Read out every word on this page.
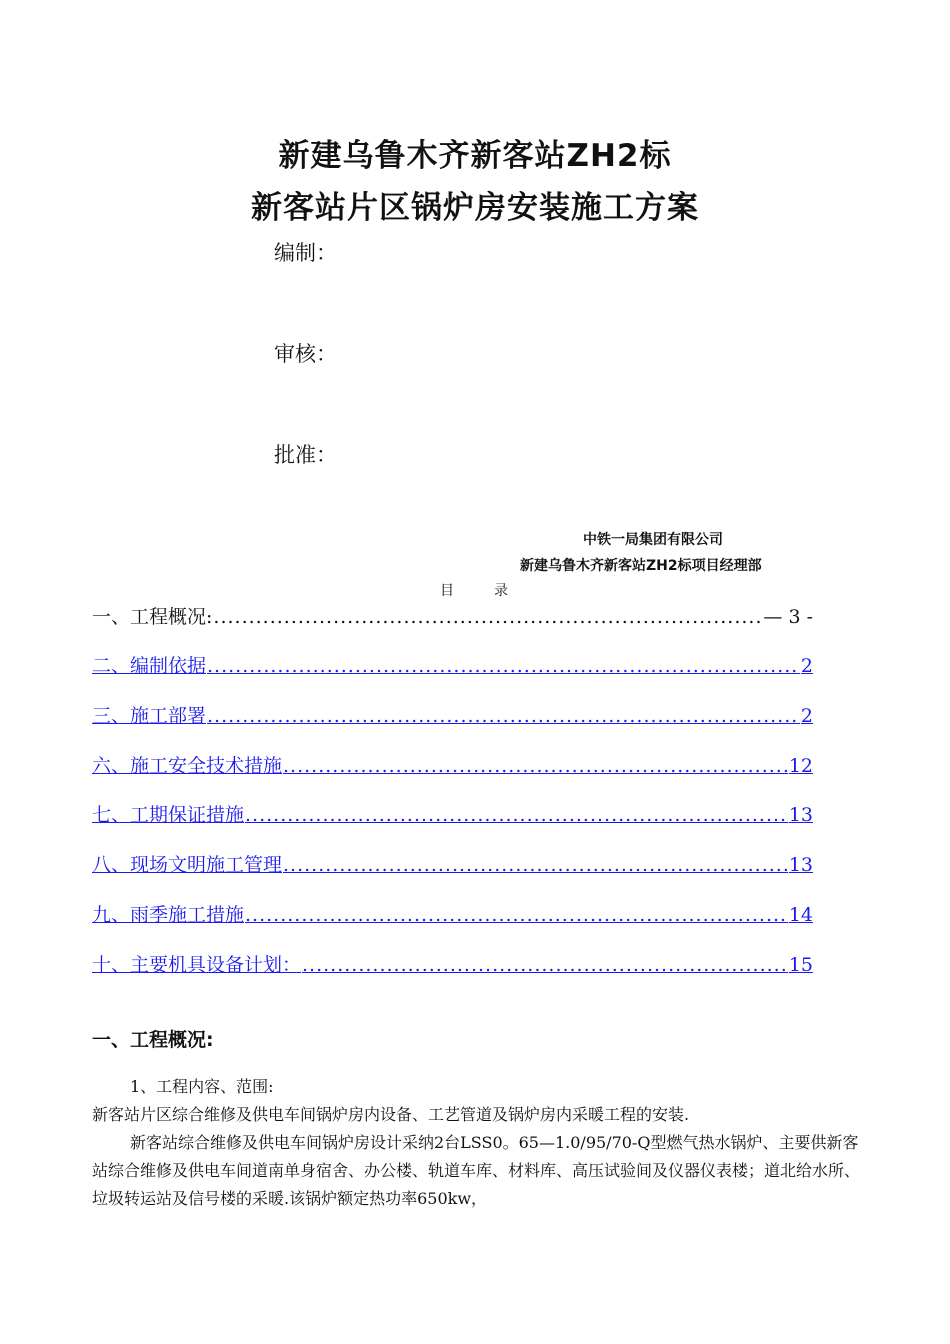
新建乌鲁木齐新客站ZH2标
新客站片区锅炉房安装施工方案
编制：
审核：
批准：
中铁一局集团有限公司
新建乌鲁木齐新客站ZH2标项目经理部
目录
一、工程概况: .....	— 3 -
二、编制依据 .....	2
三、施工部署 .....	2
六、施工安全技术措施 .....	12
七、工期保证措施 .....	13
八、现场文明施工管理 .....	13
九、雨季施工措施 .....	14
十、主要机具设备计划： .....	15
一、工程概况:
1、工程内容、范围:
新客站片区综合维修及供电车间锅炉房内设备、工艺管道及锅炉房内采暖工程的安装.
新客站综合维修及供电车间锅炉房设计采纳2台LSS0。65—1.0/95/70-Q型燃气热水锅炉、主要供新客站综合维修及供电车间道南单身宿舍、办公楼、轨道车库、材料库、高压试验间及仪器仪表楼；道北给水所、垃圾转运站及信号楼的采暖.该锅炉额定热功率650kw，
